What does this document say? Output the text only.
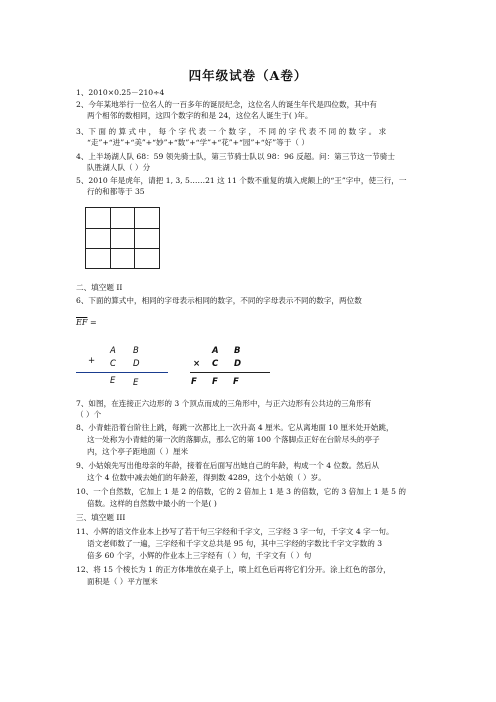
四年级试卷（A卷）
1、2010×0.25－210÷4
2、今年某地举行一位名人的一百多年的诞辰纪念，这位名人的诞生年代是四位数，其中有
两个相邻的数相同，这四个数字的和是 24，这位名人诞生于( )年。
3、下 面 的 算 式 中 ， 每 个 字 代 表 一 个 数 字 ， 不 同 的 字 代 表 不 同 的 数 字 。 求
“走”+“进”+“美”+“妙”+“数”+“学”+“花”+“园”+“好”等于（ ）
4、上半场湖人队 68：59 领先骑士队，第三节骑士队以 98：96 反超。问：第三节这一节骑士
队胜湖人队（ ）分
5、2010 年是虎年，请把 1, 3, 5……21 这 11 个数不重复的填入虎额上的“王”字中，使三行，一
行的和都等于 35
二、填空题 II
6、下面的算式中，相同的字母表示相同的数字，不同的字母表示不同的数字，两位数
$\overline{EF}$ =
+
A B
C D
E E
A B
× C D
F F F
7、如图，在连接正六边形的 3 个顶点而成的三角形中，与正六边形有公共边的三角形有
（ ）个
8、小青蛙沿着台阶往上跳，每跳一次都比上一次升高 4 厘米。它从离地面 10 厘米处开始跳，
这一处称为小青蛙的第一次的落脚点，那么它的第 100 个落脚点正好在台阶尽头的亭子
内，这个亭子距地面（ ）厘米
9、小姑娘先写出他母亲的年龄，接着在后面写出她自己的年龄，构成一个 4 位数。然后从
这个 4 位数中减去她们的年龄差，得到数 4289，这个小姑娘（ ）岁。
10、一个自然数，它加上 1 是 2 的倍数，它的 2 倍加上 1 是 3 的倍数，它的 3 倍加上 1 是 5 的
倍数。这样的自然数中最小的一个是( )
三、填空题 III
11、小辉的语文作业本上抄写了若干句三字经和千字文，三字经 3 字一句，千字文 4 字一句。
语文老师数了一遍，三字经和千字文总共是 95 句，其中三字经的字数比千字文字数的 3
倍多 60 个字，小辉的作业本上三字经有（ ）句，千字文有（ ）句
12、将 15 个棱长为 1 的正方体堆放在桌子上，喷上红色后再将它们分开。涂上红色的部分，
面积是（ ）平方厘米
